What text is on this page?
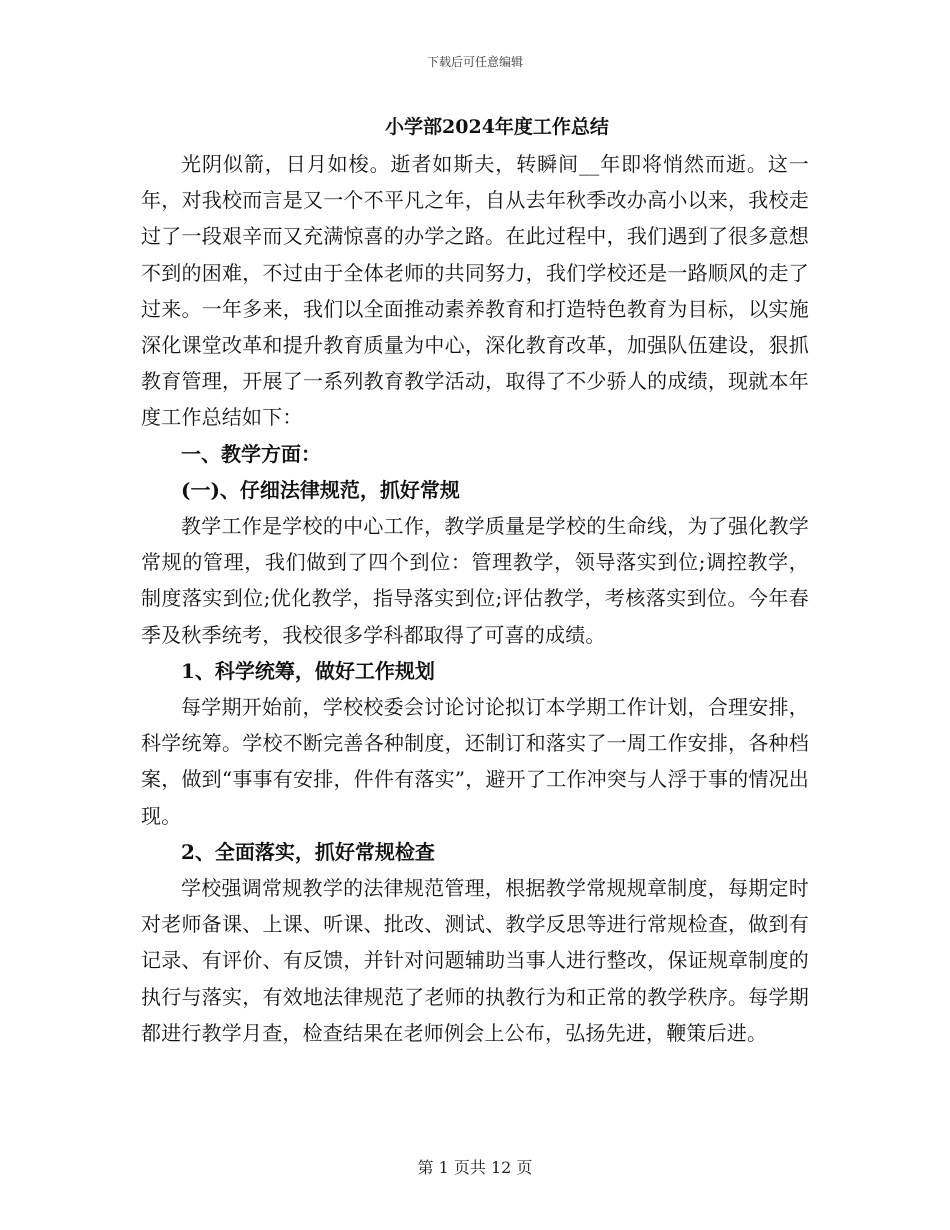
下载后可任意编辑
小学部2024年度工作总结

光阴似箭，日月如梭。逝者如斯夫，转瞬间__年即将悄然而逝。这一年，对我校而言是又一个不平凡之年，自从去年秋季改办高小以来，我校走过了一段艰辛而又充满惊喜的办学之路。在此过程中，我们遇到了很多意想不到的困难，不过由于全体老师的共同努力，我们学校还是一路顺风的走了过来。一年多来，我们以全面推动素养教育和打造特色教育为目标，以实施深化课堂改革和提升教育质量为中心，深化教育改革，加强队伍建设，狠抓教育管理，开展了一系列教育教学活动，取得了不少骄人的成绩，现就本年度工作总结如下：

一、教学方面：

(一)、仔细法律规范，抓好常规

教学工作是学校的中心工作，教学质量是学校的生命线，为了强化教学常规的管理，我们做到了四个到位：管理教学，领导落实到位;调控教学，制度落实到位;优化教学，指导落实到位;评估教学，考核落实到位。今年春季及秋季统考，我校很多学科都取得了可喜的成绩。

1、科学统筹，做好工作规划

每学期开始前，学校校委会讨论讨论拟订本学期工作计划，合理安排，科学统筹。学校不断完善各种制度，还制订和落实了一周工作安排，各种档案，做到“事事有安排，件件有落实”，避开了工作冲突与人浮于事的情况出现。

2、全面落实，抓好常规检查

学校强调常规教学的法律规范管理，根据教学常规规章制度，每期定时对老师备课、上课、听课、批改、测试、教学反思等进行常规检查，做到有记录、有评价、有反馈，并针对问题辅助当事人进行整改，保证规章制度的执行与落实，有效地法律规范了老师的执教行为和正常的教学秩序。每学期都进行教学月查，检查结果在老师例会上公布，弘扬先进，鞭策后进。

第 1 页共 12 页
